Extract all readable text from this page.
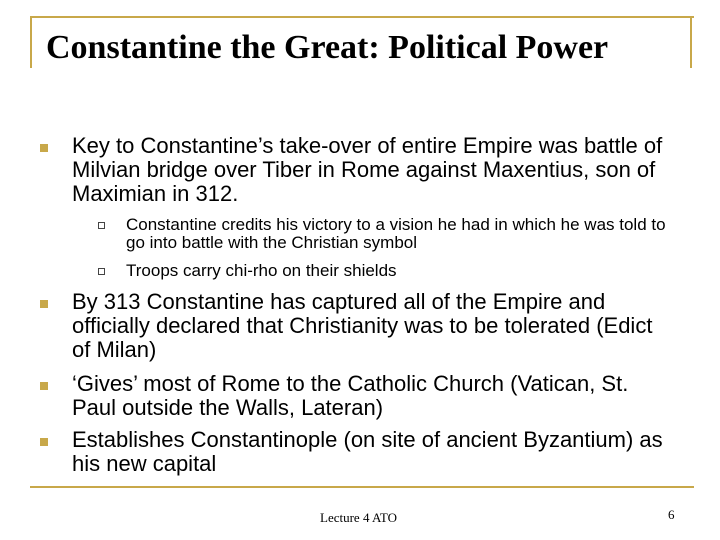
Constantine the Great: Political Power
Key to Constantine’s take-over of entire Empire was battle of Milvian bridge over Tiber in Rome against Maxentius, son of Maximian in 312.
Constantine credits his victory to a vision he had in which he was told to go into battle with the Christian symbol
Troops carry chi-rho on their shields
By 313 Constantine has captured all of the Empire and officially declared that Christianity was to be tolerated (Edict of Milan)
‘Gives’ most of Rome to the Catholic Church (Vatican, St. Paul outside the Walls, Lateran)
Establishes Constantinople (on site of ancient Byzantium) as his new capital
Lecture 4 ATO	6
